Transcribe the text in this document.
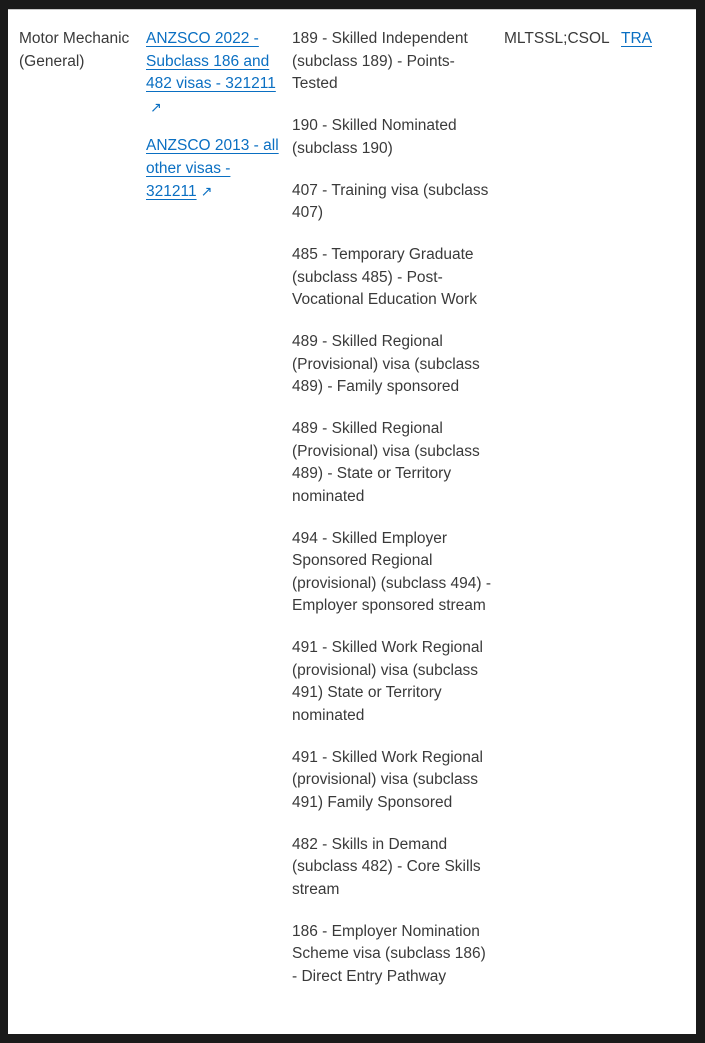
Motor Mechanic (General)
ANZSCO 2022 - Subclass 186 and 482 visas - 321211↗
ANZSCO 2013 - all other visas - 321211 ↗

189 - Skilled Independent (subclass 189) - Points-Tested

190 - Skilled Nominated (subclass 190)

407 - Training visa (subclass 407)

485 - Temporary Graduate (subclass 485) - Post-Vocational Education Work

489 - Skilled Regional (Provisional) visa (subclass 489) - Family sponsored

489 - Skilled Regional (Provisional) visa (subclass 489) - State or Territory nominated

494 - Skilled Employer Sponsored Regional (provisional) (subclass 494) - Employer sponsored stream

491 - Skilled Work Regional (provisional) visa (subclass 491) State or Territory nominated

491 - Skilled Work Regional (provisional) visa (subclass 491) Family Sponsored

482 - Skills in Demand (subclass 482) - Core Skills stream

186 - Employer Nomination Scheme visa (subclass 186) - Direct Entry Pathway

MLTSSL;CSOL TRA
